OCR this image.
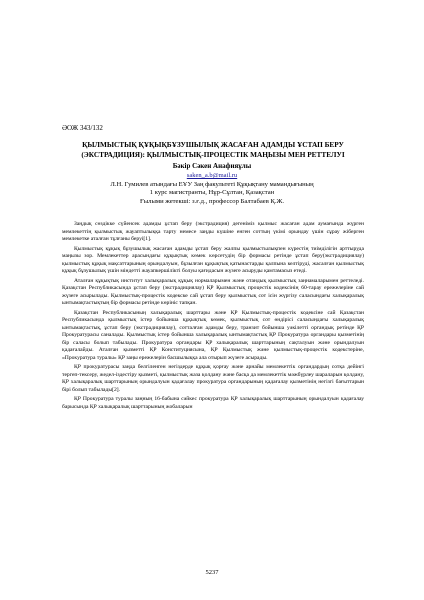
ӘОЖ 343/132
ҚЫЛМЫСТЫҚ ҚҰҚЫҚБҰЗУШЫЛЫҚ ЖАСАҒАН АДАМДЫ ҰСТАП БЕРУ (ЭКСТРАДИЦИЯ): ҚЫЛМЫСТЫҚ-ПРОЦЕСТІК МАҢЫЗЫ МЕН РЕТТЕЛУІ
Бәкір Сәкен Анафияұлы
saken_a.b@mail.ru
Л.Н. Гумилев атындағы ЕҰУ Заң факультеті Құқықтану мамандығының
1 курс магистранты, Нұр-Сұлтан, Қазақстан
Ғылыми жетекші: з.ғ.д., профессор Балтабаев Қ.Ж.

Заңдық сөздікке сүйенсек адамды ұстап беру (экстрадиция) дегеніміз қылмыс жасаған адам аумағында жүрген мемлекеттің қылмыстық жауаптылыққа тарту немесе заңды күшіне енген соттың үкімі орындау үшін сұрау жіберген мемлекетке аталған тұлғаны беруі[1].

Қылмыстық құқық бұзушылық жасаған адамды ұстап беру жалпы қылмыстылықпен күрестің тиімділігін арттыруда маңызы зор. Мемлекеттер арасындағы құқықтық көмек көрсетудің бір формасы ретінде ұстап беру(экстрадициялау) қылмыстық құқық мақсаттарының орындалуын, бұзылған құқықтық қатынастарды қалпына келтіруді, жасалған қылмыстық құқық бұзушылық үшін міндетті жауапкершілікті болуы қағидасын жүзеге асыруды қамтамасыз етеді.

Аталған құқықтық институт халықаралық құқық нормаларымен және отандық қылмыстық заңнамаларымен реттеледі. Қазақстан Республикасында ұстап беру (экстрадициялау) ҚР Қылмыстық процестік кодексінің 60-тарау ережелеріне сай жүзеге асырылады. Қылмыстық-процестік кодекске сай ұстап беру қылмыстық сот ісін жүргізу саласындағы халықаралық ынтымақтастықтың бір формасы ретінде көрініс тапқан.

Қазақстан Республикасының халықаралық шарттары және ҚР Қылмыстық-процестік кодексіне сай Қазақстан Республикасында қылмыстық істер бойынша құқықтық көмек, қылмыстық сот өндірісі саласындағы халықаралық ынтымақтастық, ұстап беру (экстрадициялау), сотталған адамды беру, транзит бойынша уәкілетті органдық ретінде ҚР Прокуратурасы саналады. Қылмыстық істер бойынша халықаралық ынтымақтастық ҚР Прокуратура органдары қызметінің бір саласы болып табылады. Прокуратура органдары ҚР халықаралық шарттарының сақталуын және орындалуын қадағалайды. Аталған қызметті ҚР Конституциясына, ҚР Қылмыстық және қылмыстық-процестік кодекстеріне, «Прокуратура туралы» ҚР заңы ережелерін басшылыққа ала отырып жүзеге асырады.

ҚР прокуратурасы заңда белгіленген негіздерде құқық қорғау және арнайы мемлекеттік органдардың сотқа дейінгі тергеп-тексеру, жедел-іздестіру қызметі, қылмыстық жаза қолдану және басқа да мемлекеттік мәжбүрлеу шараларын қолдану, ҚР халықаралық шарттарының орындалуын қадағалау прокуратура органдарының қадағалау қызметінің негізгі бағыттарын бірі болып табылады[2].

ҚР Прокуратура туралы заңның 16-бабына сәйкес прокуратура ҚР халықаралық шарттарының орындалуын қадағалау барысында ҚР халықаралық шарттарының жобаларын

5237
